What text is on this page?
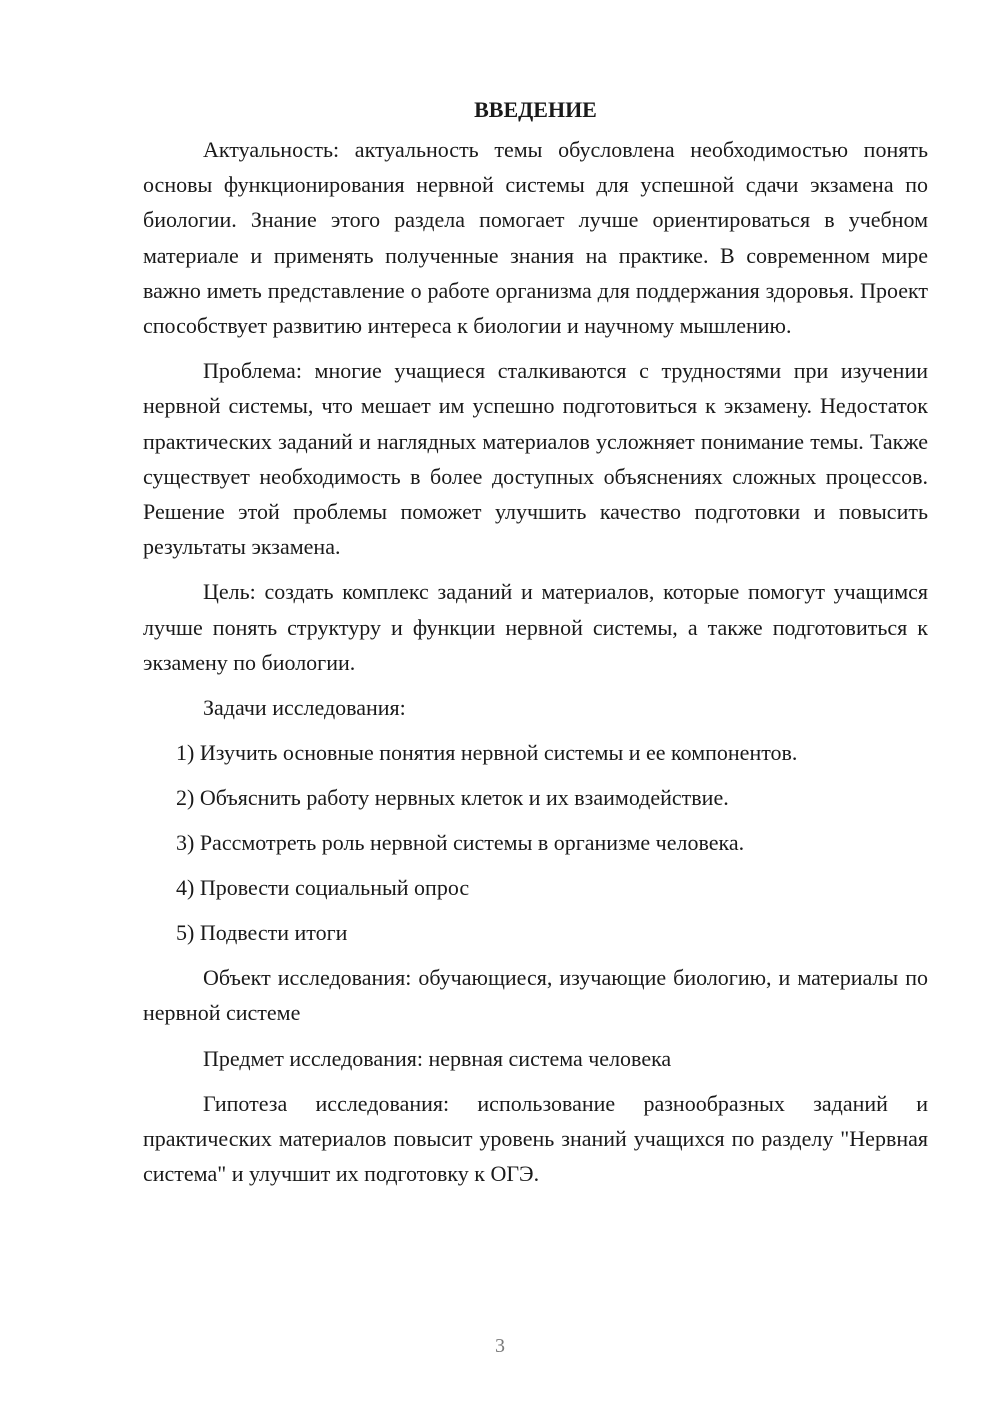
ВВЕДЕНИЕ

Актуальность: актуальность темы обусловлена необходимостью понять основы функционирования нервной системы для успешной сдачи экзамена по биологии. Знание этого раздела помогает лучше ориентироваться в учебном материале и применять полученные знания на практике. В современном мире важно иметь представление о работе организма для поддержания здоровья. Проект способствует развитию интереса к биологии и научному мышлению.

Проблема: многие учащиеся сталкиваются с трудностями при изучении нервной системы, что мешает им успешно подготовиться к экзамену. Недостаток практических заданий и наглядных материалов усложняет понимание темы. Также существует необходимость в более доступных объяснениях сложных процессов. Решение этой проблемы поможет улучшить качество подготовки и повысить результаты экзамена.

Цель: создать комплекс заданий и материалов, которые помогут учащимся лучше понять структуру и функции нервной системы, а также подготовиться к экзамену по биологии.

Задачи исследования:

1) Изучить основные понятия нервной системы и ее компонентов.

2) Объяснить работу нервных клеток и их взаимодействие.

3) Рассмотреть роль нервной системы в организме человека.

4) Провести социальный опрос

5) Подвести итоги

Объект исследования: обучающиеся, изучающие биологию, и материалы по нервной системе

Предмет исследования: нервная система человека

Гипотеза исследования: использование разнообразных заданий и практических материалов повысит уровень знаний учащихся по разделу "Нервная система" и улучшит их подготовку к ОГЭ.

3
